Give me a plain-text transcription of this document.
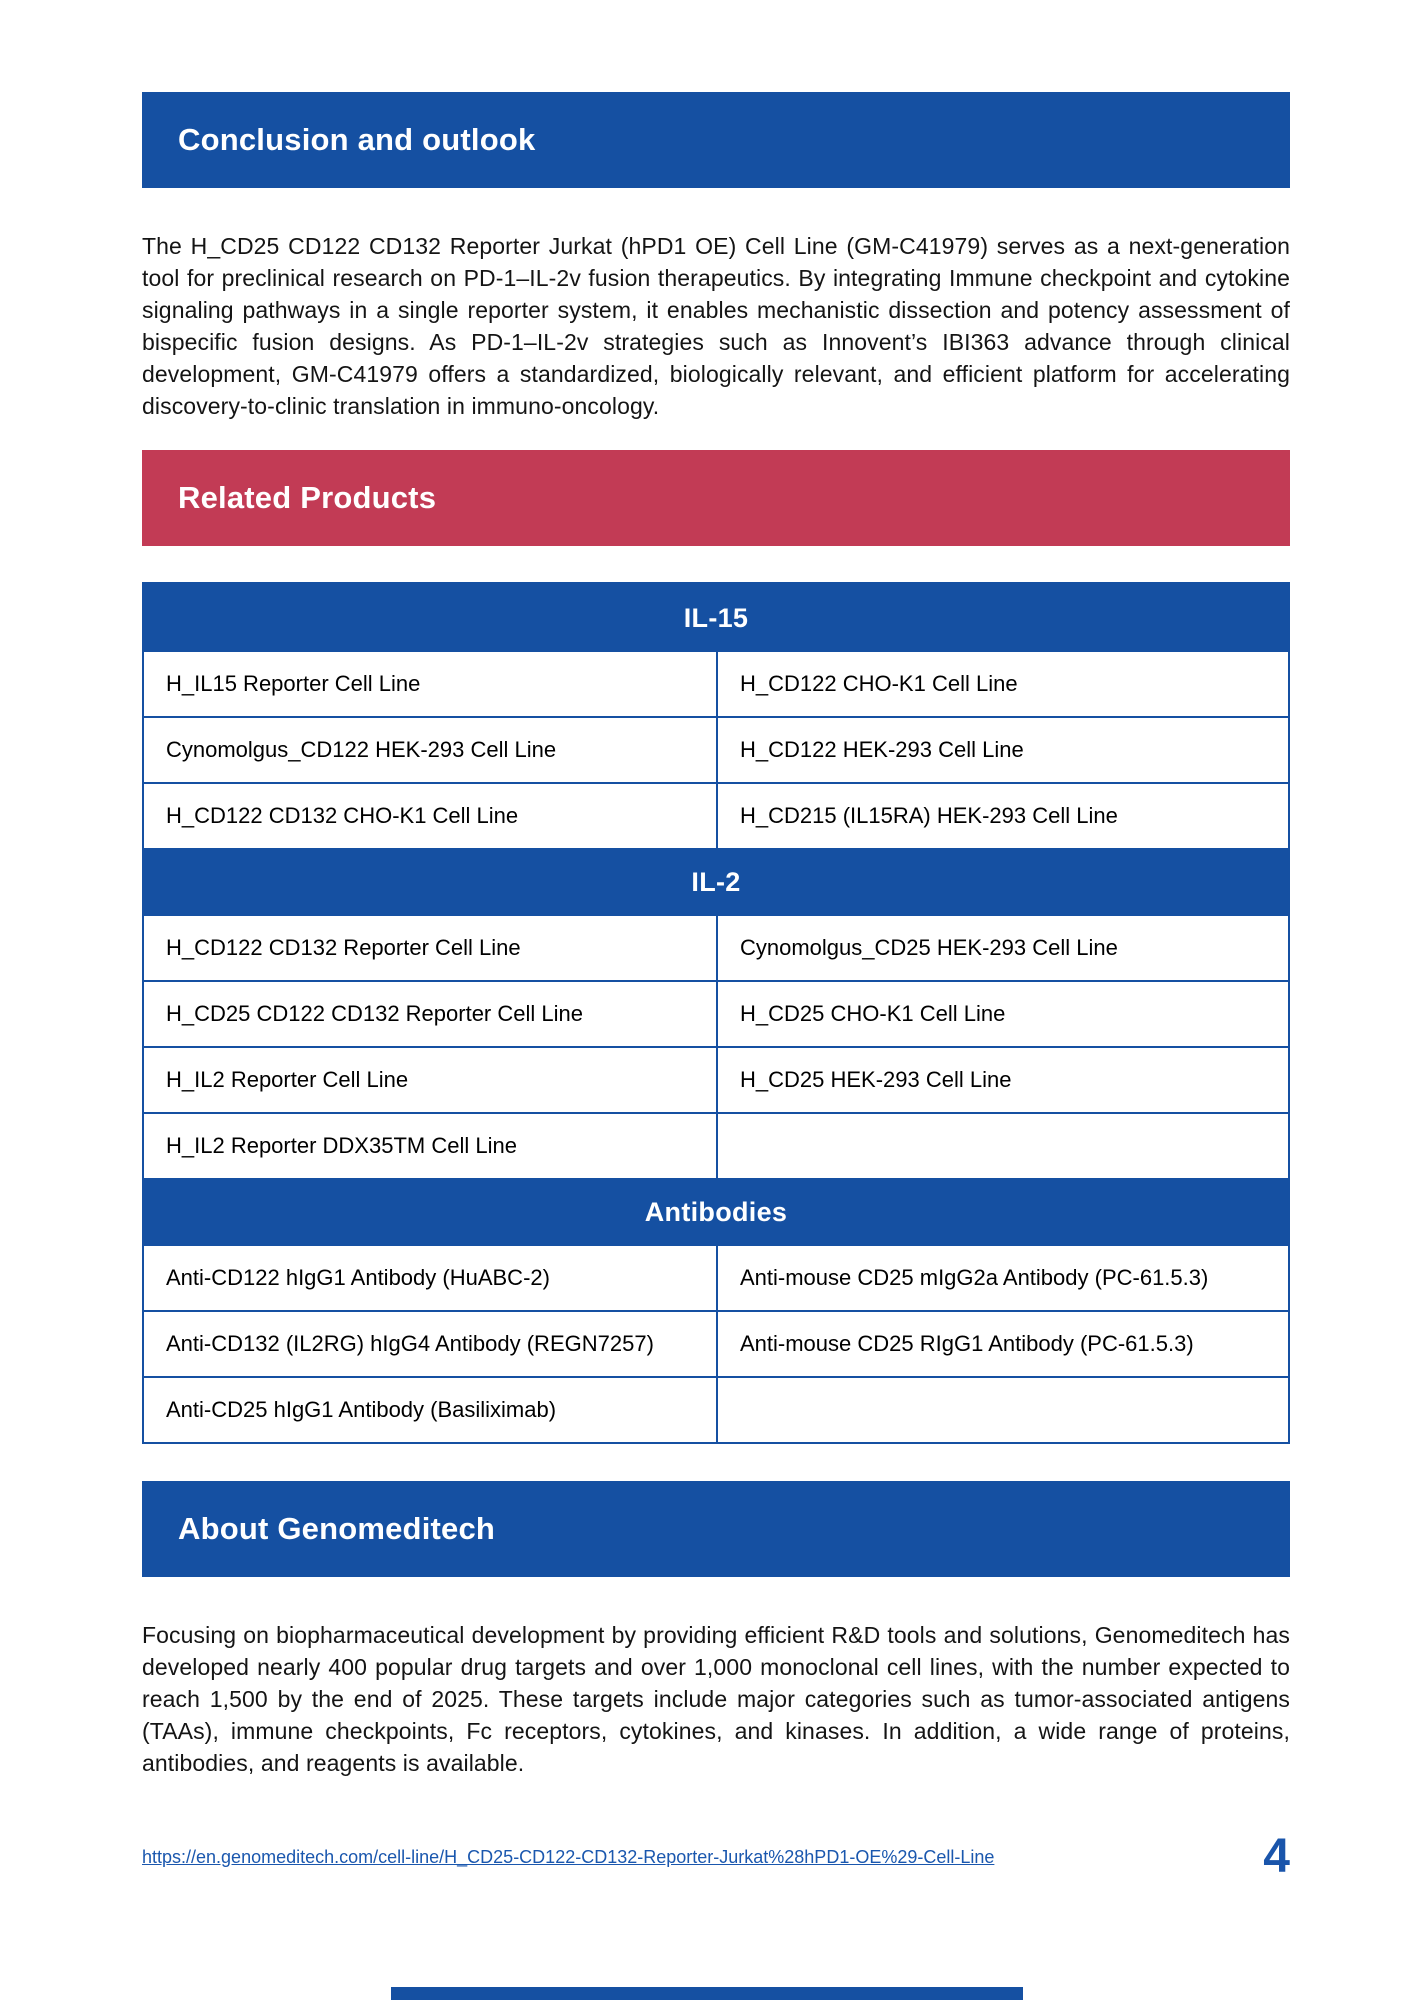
Conclusion and outlook

The H_CD25 CD122 CD132 Reporter Jurkat (hPD1 OE) Cell Line (GM-C41979) serves as a next-generation tool for preclinical research on PD-1–IL-2v fusion therapeutics. By integrating Immune checkpoint and cytokine signaling pathways in a single reporter system, it enables mechanistic dissection and potency assessment of bispecific fusion designs. As PD-1–IL-2v strategies such as Innovent’s IBI363 advance through clinical development, GM-C41979 offers a standardized, biologically relevant, and efficient platform for accelerating discovery-to-clinic translation in immuno-oncology.

Related Products
IL-15
H_IL15 Reporter Cell Line	H_CD122 CHO-K1 Cell Line
Cynomolgus_CD122 HEK-293 Cell Line	H_CD122 HEK-293 Cell Line
H_CD122 CD132 CHO-K1 Cell Line	H_CD215 (IL15RA) HEK-293 Cell Line
IL-2
H_CD122 CD132 Reporter Cell Line	Cynomolgus_CD25 HEK-293 Cell Line
H_CD25 CD122 CD132 Reporter Cell Line	H_CD25 CHO-K1 Cell Line
H_IL2 Reporter Cell Line	H_CD25 HEK-293 Cell Line
H_IL2 Reporter DDX35TM Cell Line
Antibodies
Anti-CD122 hIgG1 Antibody (HuABC-2)	Anti-mouse CD25 mIgG2a Antibody (PC-61.5.3)
Anti-CD132 (IL2RG) hIgG4 Antibody (REGN7257)	Anti-mouse CD25 RIgG1 Antibody (PC-61.5.3)
Anti-CD25 hIgG1 Antibody (Basiliximab)
About Genomeditech

Focusing on biopharmaceutical development by providing efficient R&D tools and solutions, Genomeditech has developed nearly 400 popular drug targets and over 1,000 monoclonal cell lines, with the number expected to reach 1,500 by the end of 2025. These targets include major categories such as tumor-associated antigens (TAAs), immune checkpoints, Fc receptors, cytokines, and kinases. In addition, a wide range of proteins, antibodies, and reagents is available.

https://en.genomeditech.com/cell-line/H_CD25-CD122-CD132-Reporter-Jurkat%28hPD1-OE%29-Cell-Line	4
